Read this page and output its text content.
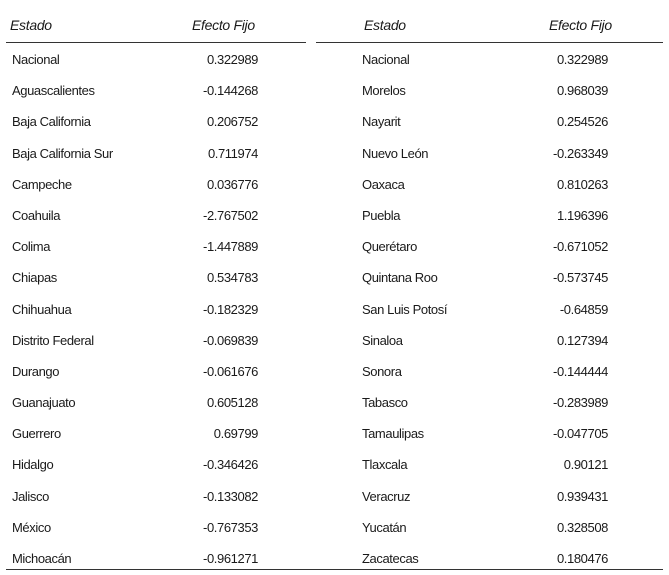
Estado	Efecto Fijo
Nacional	0.322989
Aguascalientes	-0.144268
Baja California	0.206752
Baja California Sur	0.711974
Campeche	0.036776
Coahuila	-2.767502
Colima	-1.447889
Chiapas	0.534783
Chihuahua	-0.182329
Distrito Federal	-0.069839
Durango	-0.061676
Guanajuato	0.605128
Guerrero	0.69799
Hidalgo	-0.346426
Jalisco	-0.133082
México	-0.767353
Michoacán	-0.961271
Estado	Efecto Fijo
Nacional	0.322989
Morelos	0.968039
Nayarit	0.254526
Nuevo León	-0.263349
Oaxaca	0.810263
Puebla	1.196396
Querétaro	-0.671052
Quintana Roo	-0.573745
San Luis Potosí	-0.64859
Sinaloa	0.127394
Sonora	-0.144444
Tabasco	-0.283989
Tamaulipas	-0.047705
Tlaxcala	0.90121
Veracruz	0.939431
Yucatán	0.328508
Zacatecas	0.180476
